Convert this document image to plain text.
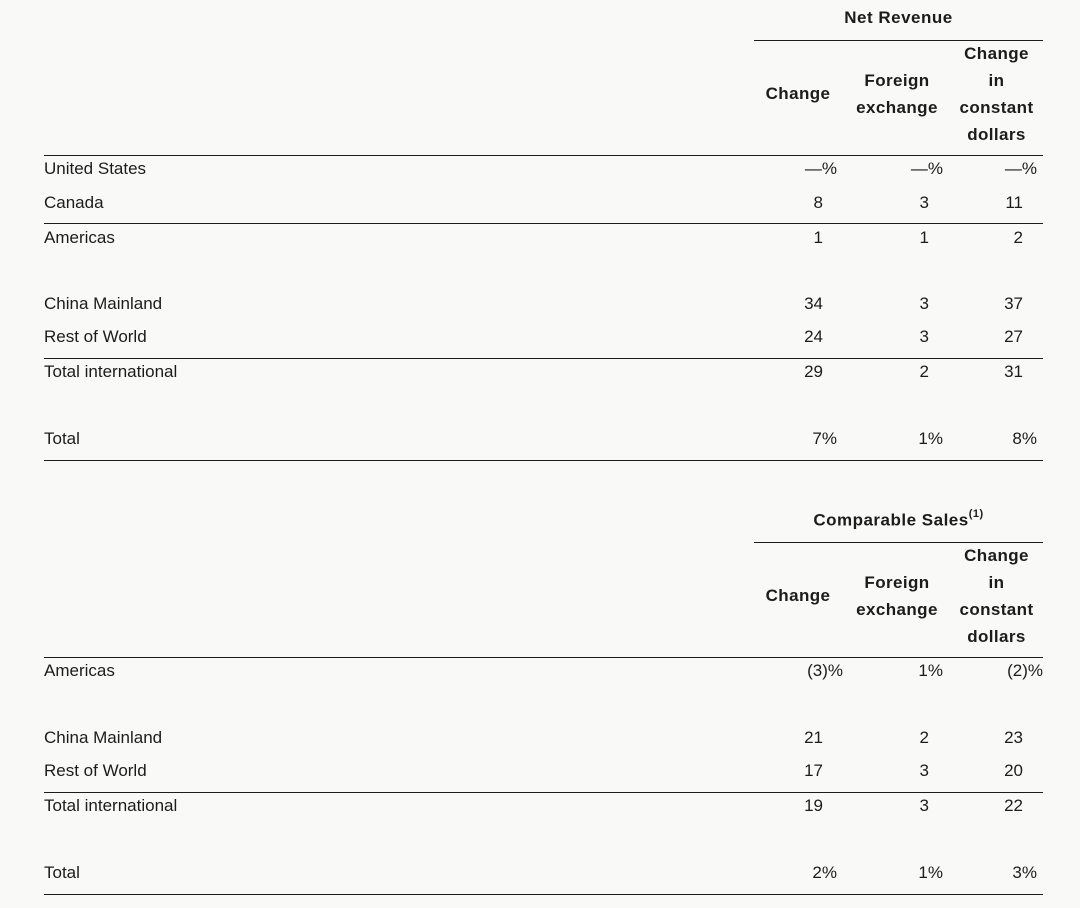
Net Revenue
Change
Foreign
exchange
Change
in
constant
dollars
United States	—%	—%	—%
Canada	8	3	11
Americas	1	1	2
China Mainland	34	3	37
Rest of World	24	3	27
Total international	29	2	31
Total	7%	1%	8%
Comparable Sales$^{(1)}$
Change
Foreign
exchange
Change
in
constant
dollars
Americas	(3)%	1%	(2)%
China Mainland	21	2	23
Rest of World	17	3	20
Total international	19	3	22
Total	2%	1%	3%
